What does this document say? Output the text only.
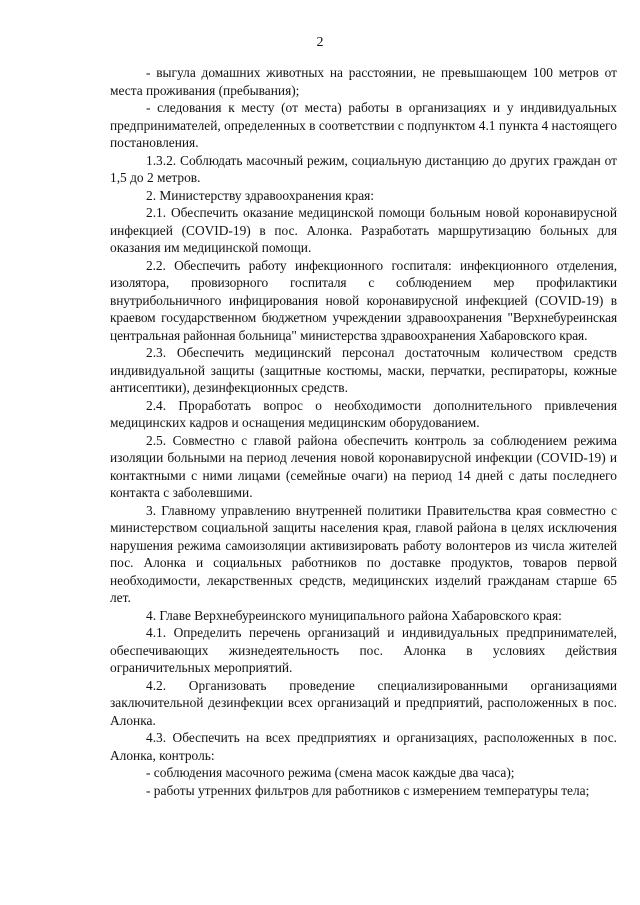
2

- выгула домашних животных на расстоянии, не превышающем 100 метров от места проживания (пребывания);

- следования к месту (от места) работы в организациях и у индивидуальных предпринимателей, определенных в соответствии с подпунктом 4.1 пункта 4 настоящего постановления.

1.3.2. Соблюдать масочный режим, социальную дистанцию до других граждан от 1,5 до 2 метров.

2. Министерству здравоохранения края:

2.1. Обеспечить оказание медицинской помощи больным новой коронавирусной инфекцией (COVID-19) в пос. Алонка. Разработать маршрутизацию больных для оказания им медицинской помощи.

2.2. Обеспечить работу инфекционного госпиталя: инфекционного отделения, изолятора, провизорного госпиталя с соблюдением мер профилактики внутрибольничного инфицирования новой коронавирусной инфекцией (COVID-19) в краевом государственном бюджетном учреждении здравоохранения "Верхнебуреинская центральная районная больница" министерства здравоохранения Хабаровского края.

2.3. Обеспечить медицинский персонал достаточным количеством средств индивидуальной защиты (защитные костюмы, маски, перчатки, респираторы, кожные антисептики), дезинфекционных средств.

2.4. Проработать вопрос о необходимости дополнительного привлечения медицинских кадров и оснащения медицинским оборудованием.

2.5. Совместно с главой района обеспечить контроль за соблюдением режима изоляции больными на период лечения новой коронавирусной инфекции (COVID-19) и контактными с ними лицами (семейные очаги) на период 14 дней с даты последнего контакта с заболевшими.

3. Главному управлению внутренней политики Правительства края совместно с министерством социальной защиты населения края, главой района в целях исключения нарушения режима самоизоляции активизировать работу волонтеров из числа жителей пос. Алонка и социальных работников по доставке продуктов, товаров первой необходимости, лекарственных средств, медицинских изделий гражданам старше 65 лет.

4. Главе Верхнебуреинского муниципального района Хабаровского края:

4.1. Определить перечень организаций и индивидуальных предпринимателей, обеспечивающих жизнедеятельность пос. Алонка в условиях действия ограничительных мероприятий.

4.2. Организовать проведение специализированными организациями заключительной дезинфекции всех организаций и предприятий, расположенных в пос. Алонка.

4.3. Обеспечить на всех предприятиях и организациях, расположенных в пос. Алонка, контроль:

- соблюдения масочного режима (смена масок каждые два часа);

- работы утренних фильтров для работников с измерением температуры тела;
